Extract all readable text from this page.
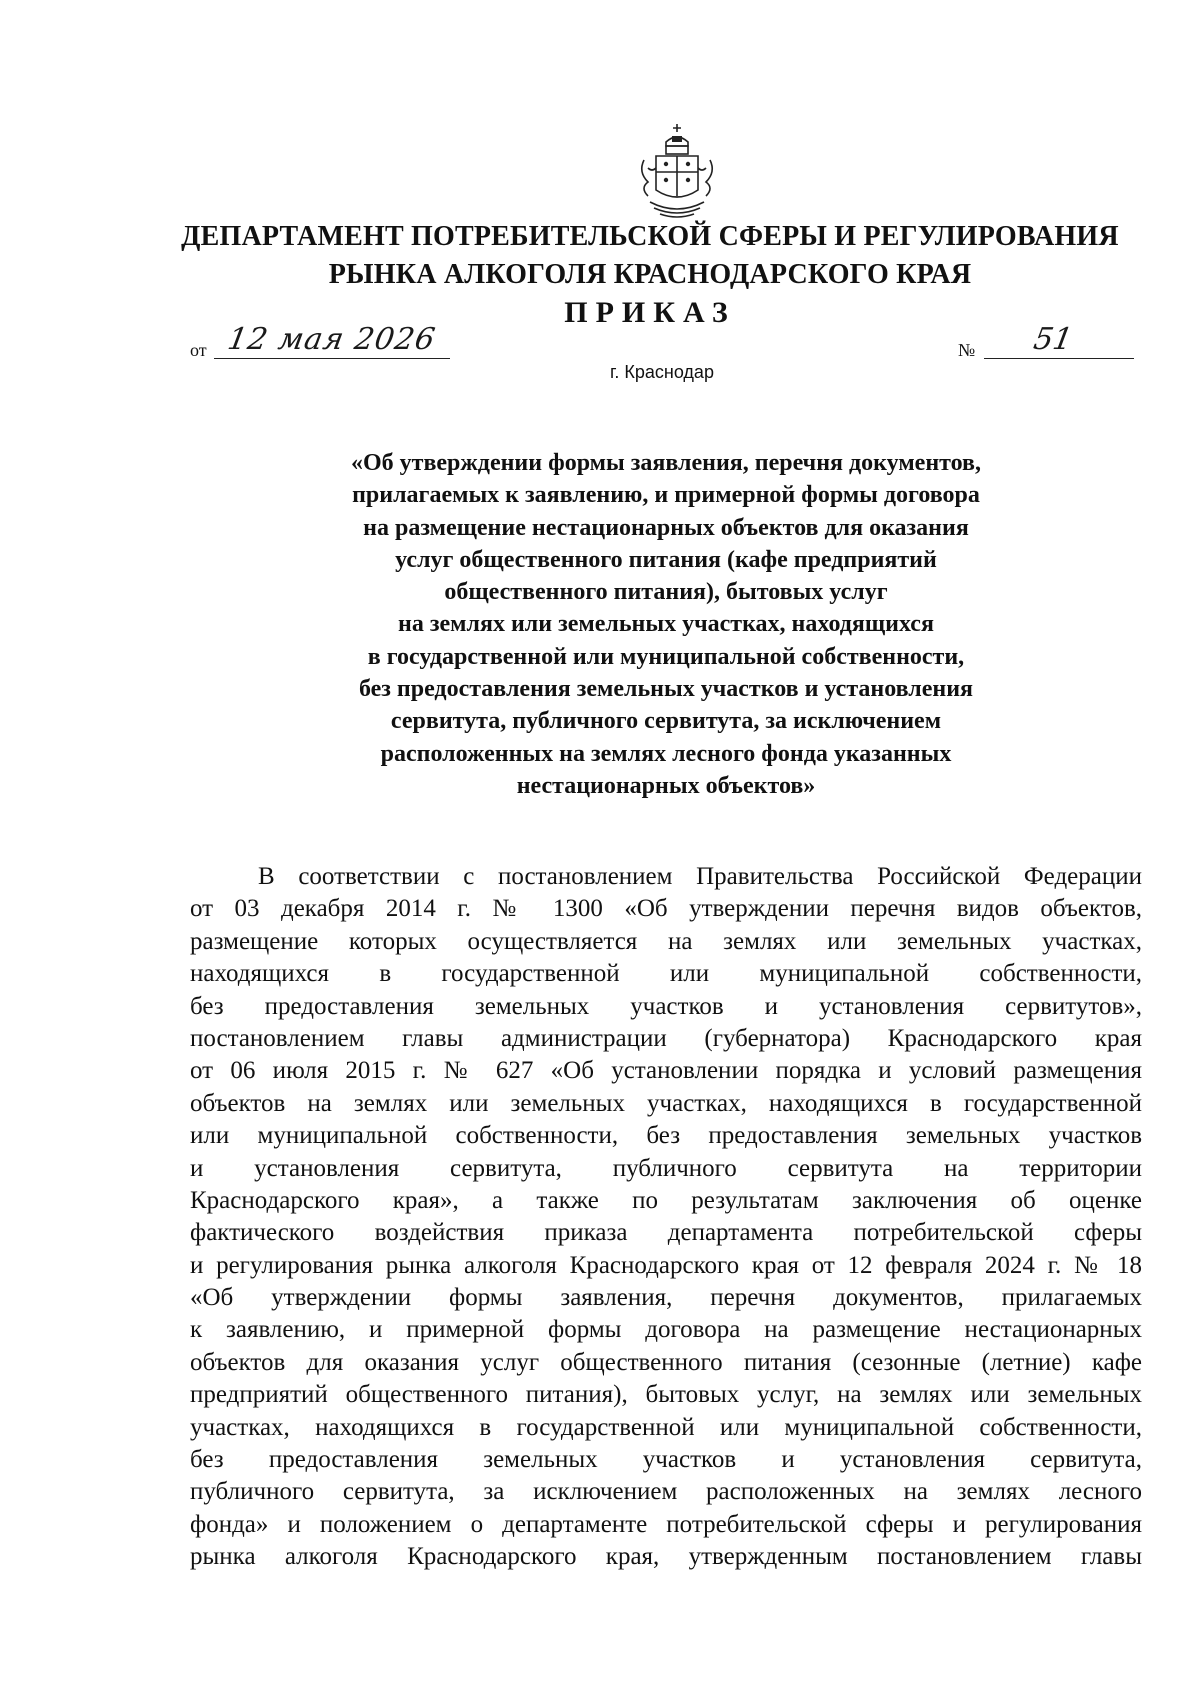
ДЕПАРТАМЕНТ ПОТРЕБИТЕЛЬСКОЙ СФЕРЫ И РЕГУЛИРОВАНИЯ
РЫНКА АЛКОГОЛЯ КРАСНОДАРСКОГО КРАЯ
ПРИКАЗ
от 12 мая 2026	№ 51
г. Краснодар
«Об утверждении формы заявления, перечня документов,
прилагаемых к заявлению, и примерной формы договора
на размещение нестационарных объектов для оказания
услуг общественного питания (кафе предприятий
общественного питания), бытовых услуг
на землях или земельных участках, находящихся
в государственной или муниципальной собственности,
без предоставления земельных участков и установления
сервитута, публичного сервитута, за исключением
расположенных на землях лесного фонда указанных
нестационарных объектов»
В соответствии с постановлением Правительства Российской Федерации
от 03 декабря 2014 г. № 1300 «Об утверждении перечня видов объектов,
размещение которых осуществляется на землях или земельных участках,
находящихся в государственной или муниципальной собственности,
без предоставления земельных участков и установления сервитутов»,
постановлением главы администрации (губернатора) Краснодарского края
от 06 июля 2015 г. № 627 «Об установлении порядка и условий размещения
объектов на землях или земельных участках, находящихся в государственной
или муниципальной собственности, без предоставления земельных участков
и установления сервитута, публичного сервитута на территории
Краснодарского края», а также по результатам заключения об оценке
фактического воздействия приказа департамента потребительской сферы
и регулирования рынка алкоголя Краснодарского края от 12 февраля 2024 г. № 18
«Об утверждении формы заявления, перечня документов, прилагаемых
к заявлению, и примерной формы договора на размещение нестационарных
объектов для оказания услуг общественного питания (сезонные (летние) кафе
предприятий общественного питания), бытовых услуг, на землях или земельных
участках, находящихся в государственной или муниципальной собственности,
без предоставления земельных участков и установления сервитута,
публичного сервитута, за исключением расположенных на землях лесного
фонда» и положением о департаменте потребительской сферы и регулирования
рынка алкоголя Краснодарского края, утвержденным постановлением главы
